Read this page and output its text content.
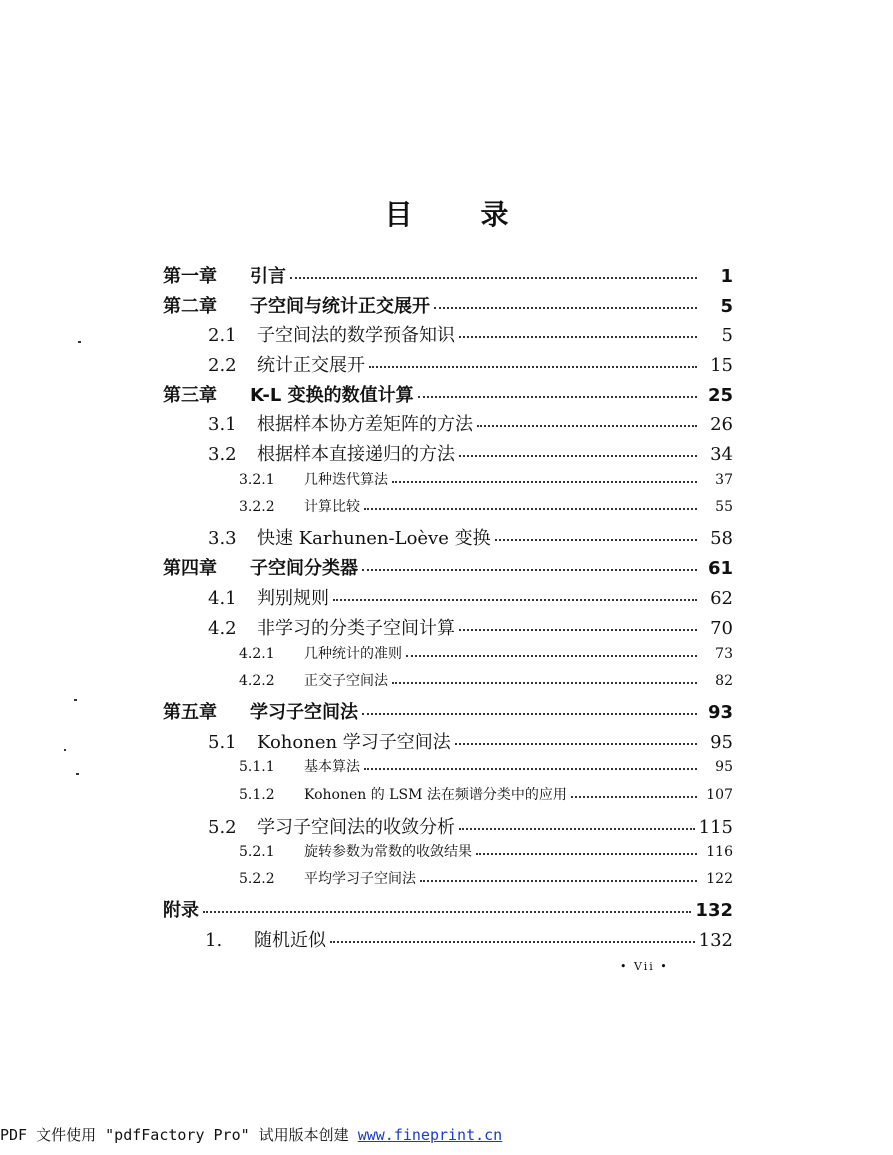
目 录
第一章	引言	1
第二章	子空间与统计正交展开	5
2.1	子空间法的数学预备知识	5
2.2	统计正交展开	15
第三章	K-L 变换的数值计算	25
3.1	根据样本协方差矩阵的方法	26
3.2	根据样本直接递归的方法	34
3.2.1	几种迭代算法	37
3.2.2	计算比较	55
3.3	快速 Karhunen-Loève 变换	58
第四章	子空间分类器	61
4.1	判别规则	62
4.2	非学习的分类子空间计算	70
4.2.1	几种统计的准则	73
4.2.2	正交子空间法	82
第五章	学习子空间法	93
5.1	Kohonen 学习子空间法	95
5.1.1	基本算法	95
5.1.2	Kohonen 的 LSM 法在频谱分类中的应用	107
5.2	学习子空间法的收敛分析	115
5.2.1	旋转参数为常数的收敛结果	116
5.2.2	平均学习子空间法	122
附录	132
1.	随机近似	132
• Vii •
PDF 文件使用 "pdfFactory Pro" 试用版本创建 www.fineprint.cn
